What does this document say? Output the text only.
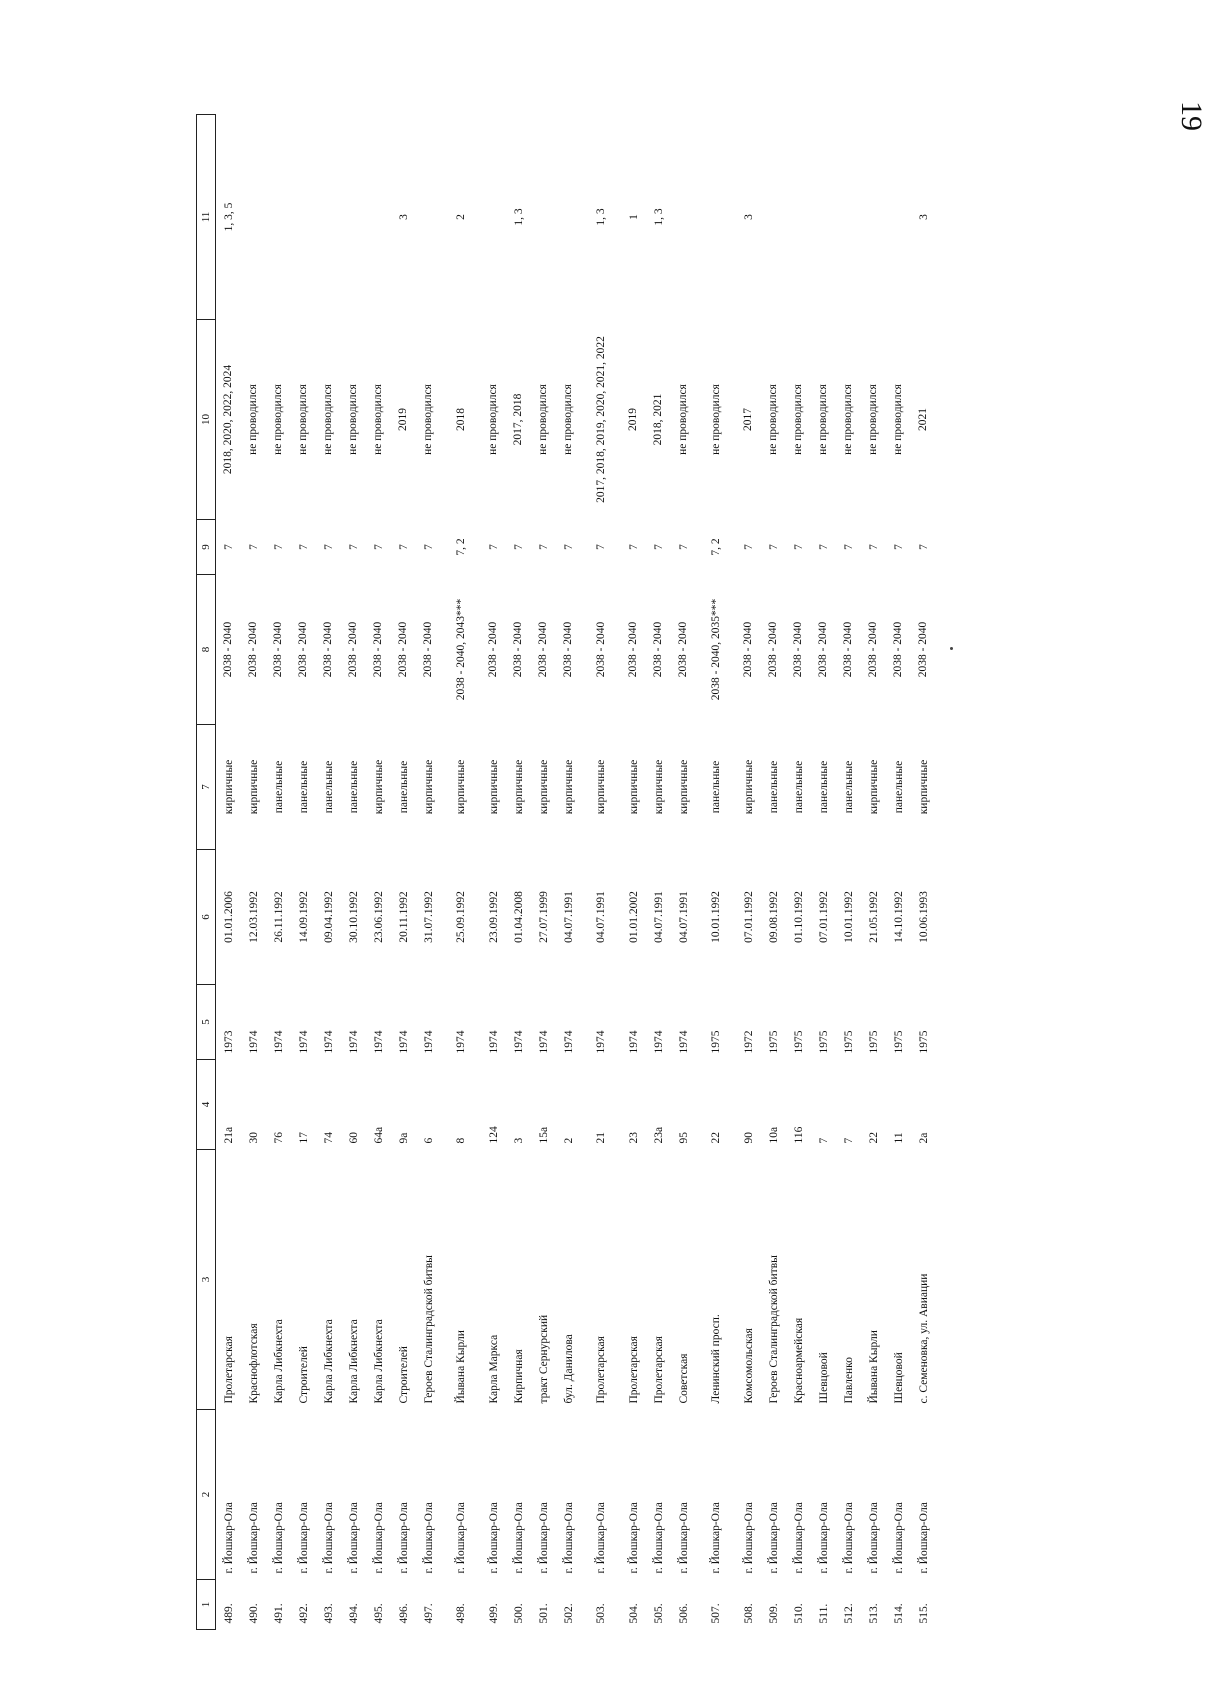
19
1	2	3	4	5	6	7	8	9	10	11
489.	г. Йошкар-Ола	Пролетарская	21а	1973	01.01.2006	кирпичные	2038 - 2040	7	2018, 2020, 2022, 2024	1, 3, 5
490.	г. Йошкар-Ола	Краснофлотская	30	1974	12.03.1992	кирпичные	2038 - 2040	7	не проводился	
491.	г. Йошкар-Ола	Карла Либкнехта	76	1974	26.11.1992	панельные	2038 - 2040	7	не проводился	
492.	г. Йошкар-Ола	Строителей	17	1974	14.09.1992	панельные	2038 - 2040	7	не проводился	
493.	г. Йошкар-Ола	Карла Либкнехта	74	1974	09.04.1992	панельные	2038 - 2040	7	не проводился	
494.	г. Йошкар-Ола	Карла Либкнехта	60	1974	30.10.1992	панельные	2038 - 2040	7	не проводился	
495.	г. Йошкар-Ола	Карла Либкнехта	64а	1974	23.06.1992	кирпичные	2038 - 2040	7	не проводился	
496.	г. Йошкар-Ола	Строителей	9а	1974	20.11.1992	панельные	2038 - 2040	7	2019	3
497.	г. Йошкар-Ола	Героев Сталинградской битвы	6	1974	31.07.1992	кирпичные	2038 - 2040	7	не проводился	
498.	г. Йошкар-Ола	Йывана Кырли	8	1974	25.09.1992	кирпичные	2038 - 2040, 2043***	7, 2	2018	2
499.	г. Йошкар-Ола	Карла Маркса	124	1974	23.09.1992	кирпичные	2038 - 2040	7	не проводился	
500.	г. Йошкар-Ола	Кирпичная	3	1974	01.04.2008	кирпичные	2038 - 2040	7	2017, 2018	1, 3
501.	г. Йошкар-Ола	тракт Сернурский	15а	1974	27.07.1999	кирпичные	2038 - 2040	7	не проводился	
502.	г. Йошкар-Ола	бул. Данилова	2	1974	04.07.1991	кирпичные	2038 - 2040	7	не проводился	
503.	г. Йошкар-Ола	Пролетарская	21	1974	04.07.1991	кирпичные	2038 - 2040	7	2017, 2018, 2019, 2020, 2021, 2022	1, 3
504.	г. Йошкар-Ола	Пролетарская	23	1974	01.01.2002	кирпичные	2038 - 2040	7	2019	1
505.	г. Йошкар-Ола	Пролетарская	23а	1974	04.07.1991	кирпичные	2038 - 2040	7	2018, 2021	1, 3
506.	г. Йошкар-Ола	Советская	95	1974	04.07.1991	кирпичные	2038 - 2040	7	не проводился	
507.	г. Йошкар-Ола	Ленинский просп.	22	1975	10.01.1992	панельные	2038 - 2040, 2035***	7, 2	не проводился	
508.	г. Йошкар-Ола	Комсомольская	90	1972	07.01.1992	кирпичные	2038 - 2040	7	2017	3
509.	г. Йошкар-Ола	Героев Сталинградской битвы	10а	1975	09.08.1992	панельные	2038 - 2040	7	не проводился	
510.	г. Йошкар-Ола	Красноармейская	116	1975	01.10.1992	панельные	2038 - 2040	7	не проводился	
511.	г. Йошкар-Ола	Шевцовой	7	1975	07.01.1992	панельные	2038 - 2040	7	не проводился	
512.	г. Йошкар-Ола	Павленко	7	1975	10.01.1992	панельные	2038 - 2040	7	не проводился	
513.	г. Йошкар-Ола	Йывана Кырли	22	1975	21.05.1992	кирпичные	2038 - 2040	7	не проводился	
514.	г. Йошкар-Ола	Шевцовой	11	1975	14.10.1992	панельные	2038 - 2040	7	не проводился	
515.	г. Йошкар-Ола	с. Семеновка, ул. Авиации	2а	1975	10.06.1993	кирпичные	2038 - 2040	7	2021	3
